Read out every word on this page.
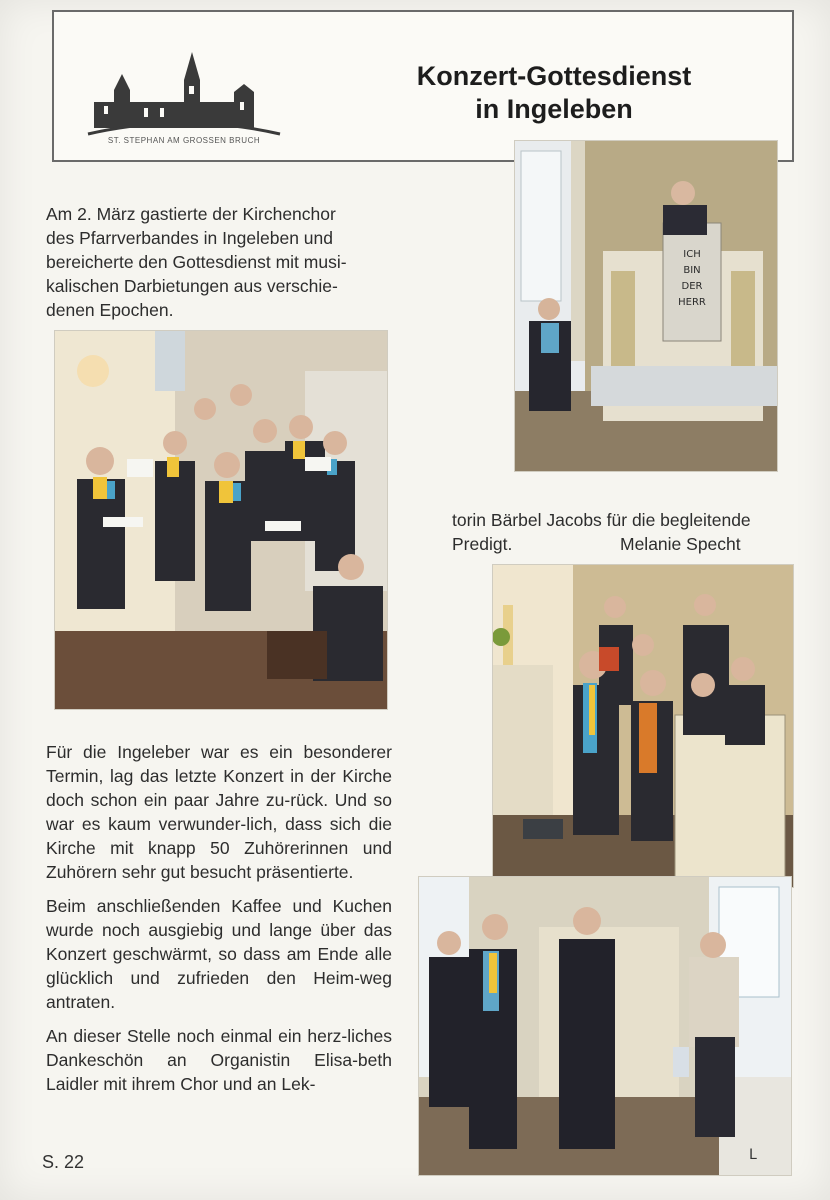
ST. STEPHAN AM GROSSEN BRUCH
Konzert-Gottesdienst
in Ingeleben
Am 2. März gastierte der Kirchenchor
des Pfarrverbandes in Ingeleben und
bereicherte den Gottesdienst mit musi-
kalischen Darbietungen aus verschie-
denen Epochen.
ICH
BIN
DER
HERR
torin Bärbel Jacobs für die begleitende
Predigt.	Melanie Specht

Für die Ingeleber war es ein besonderer Termin, lag das letzte Konzert in der Kirche doch schon ein paar Jahre zu-rück. Und so war es kaum verwunder-lich, dass sich die Kirche mit knapp 50 Zuhörerinnen und Zuhörern sehr gut besucht präsentierte.

Beim anschließenden Kaffee und Kuchen wurde noch ausgiebig und lange über das Konzert geschwärmt, so dass am Ende alle glücklich und zufrieden den Heim-weg antraten.

An dieser Stelle noch einmal ein herz-liches Dankeschön an Organistin Elisa-beth Laidler mit ihrem Chor und an Lek-

L
S. 22
